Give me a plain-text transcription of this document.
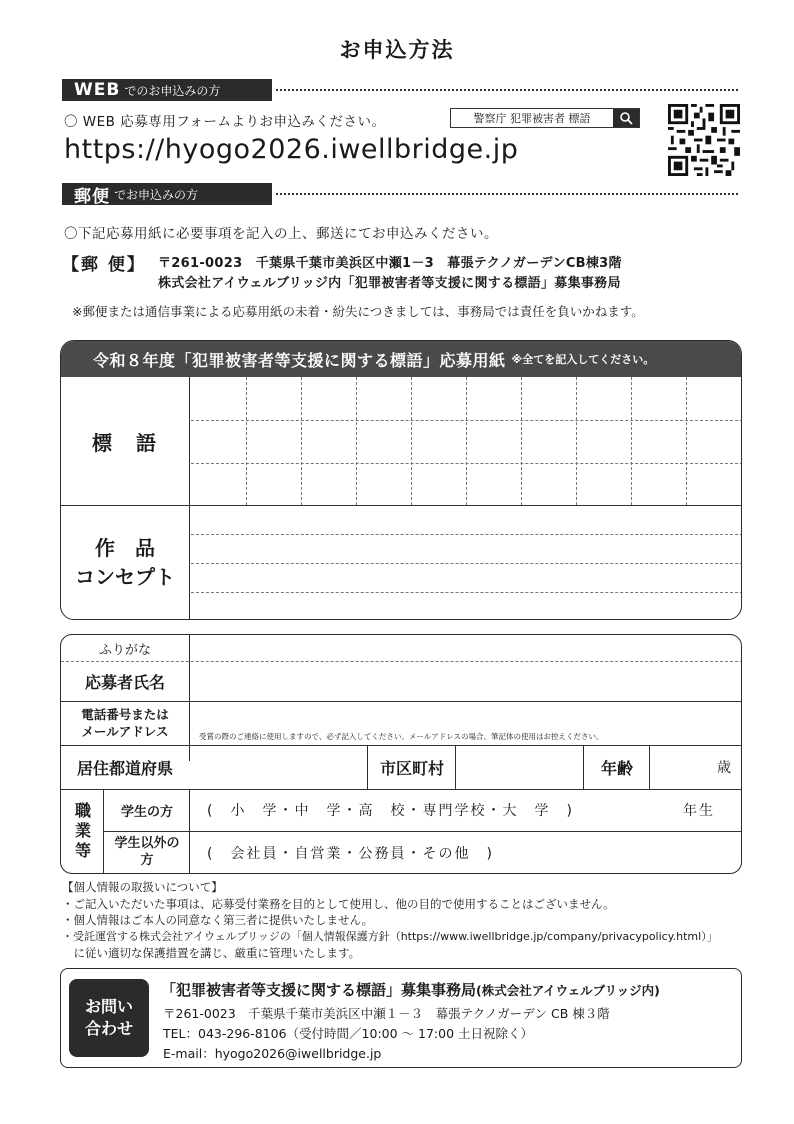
お申込方法
WEB でのお申込みの方
〇 WEB 応募専用フォームよりお申込みください。	警察庁 犯罪被害者 標語
https://hyogo2026.iwellbridge.jp
郵便 でお申込みの方
〇下記応募用紙に必要事項を記入の上、郵送にてお申込みください。
【郵 便】 〒261-0023　千葉県千葉市美浜区中瀬1－3　幕張テクノガーデンCB棟3階
株式会社アイウェルブリッジ内「犯罪被害者等支援に関する標語」募集事務局
※郵便または通信事業による応募用紙の未着・紛失につきましては、事務局では責任を負いかねます。
令和８年度「犯罪被害者等支援に関する標語」応募用紙 ※全てを記入してください。
標　語
作　品
コンセプト
ふりがな
応募者氏名
電話番号または
メールアドレス	受賞の際のご連絡に使用しますので、必ず記入してください。メールアドレスの場合、筆記体の使用はお控えください。
居住都道府県	市区町村	年齢	歳
職業等	学生の方	(　小　学・中　学・高　校・専門学校・大　学　)	年生
学生以外の方	(　会社員・自営業・公務員・その他　)
【個人情報の取扱いについて】
・ご記入いただいた事項は、応募受付業務を目的として使用し、他の目的で使用することはございません。
・個人情報はご本人の同意なく第三者に提供いたしません。
・受託運営する株式会社アイウェルブリッジの「個人情報保護方針（https://www.iwellbridge.jp/company/privacypolicy.html）」
　に従い適切な保護措置を講じ、厳重に管理いたします。
お問い
合わせ
「犯罪被害者等支援に関する標語」募集事務局(株式会社アイウェルブリッジ内)
〒261-0023　千葉県千葉市美浜区中瀬１－３　幕張テクノガーデン CB 棟３階
TEL：043-296-8106（受付時間／10:00 ～ 17:00 土日祝除く）
E-mail：hyogo2026@iwellbridge.jp
